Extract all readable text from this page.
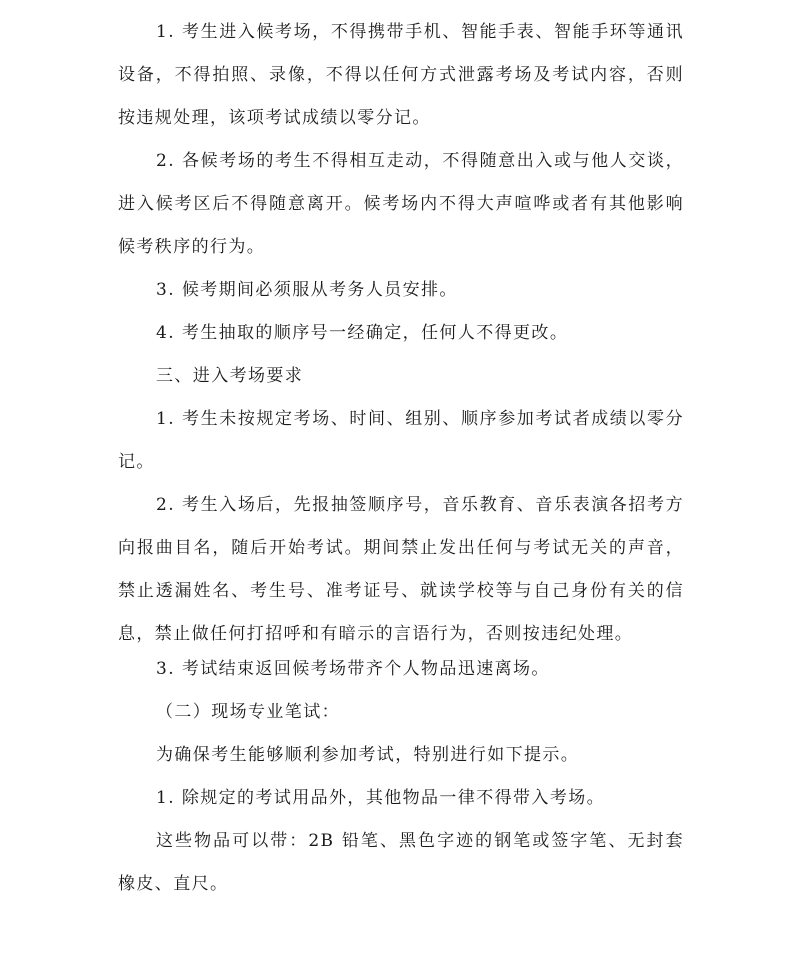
1. 考生进入候考场，不得携带手机、智能手表、智能手环等通讯设备，不得拍照、录像，不得以任何方式泄露考场及考试内容，否则按违规处理，该项考试成绩以零分记。

2. 各候考场的考生不得相互走动，不得随意出入或与他人交谈，进入候考区后不得随意离开。候考场内不得大声喧哗或者有其他影响候考秩序的行为。

3. 候考期间必须服从考务人员安排。

4. 考生抽取的顺序号一经确定，任何人不得更改。

三、进入考场要求

1. 考生未按规定考场、时间、组别、顺序参加考试者成绩以零分记。

2. 考生入场后，先报抽签顺序号，音乐教育、音乐表演各招考方向报曲目名，随后开始考试。期间禁止发出任何与考试无关的声音，禁止透漏姓名、考生号、准考证号、就读学校等与自己身份有关的信息，禁止做任何打招呼和有暗示的言语行为，否则按违纪处理。

3. 考试结束返回候考场带齐个人物品迅速离场。

（二）现场专业笔试：

为确保考生能够顺利参加考试，特别进行如下提示。

1. 除规定的考试用品外，其他物品一律不得带入考场。

这些物品可以带：2B 铅笔、黑色字迹的钢笔或签字笔、无封套橡皮、直尺。
